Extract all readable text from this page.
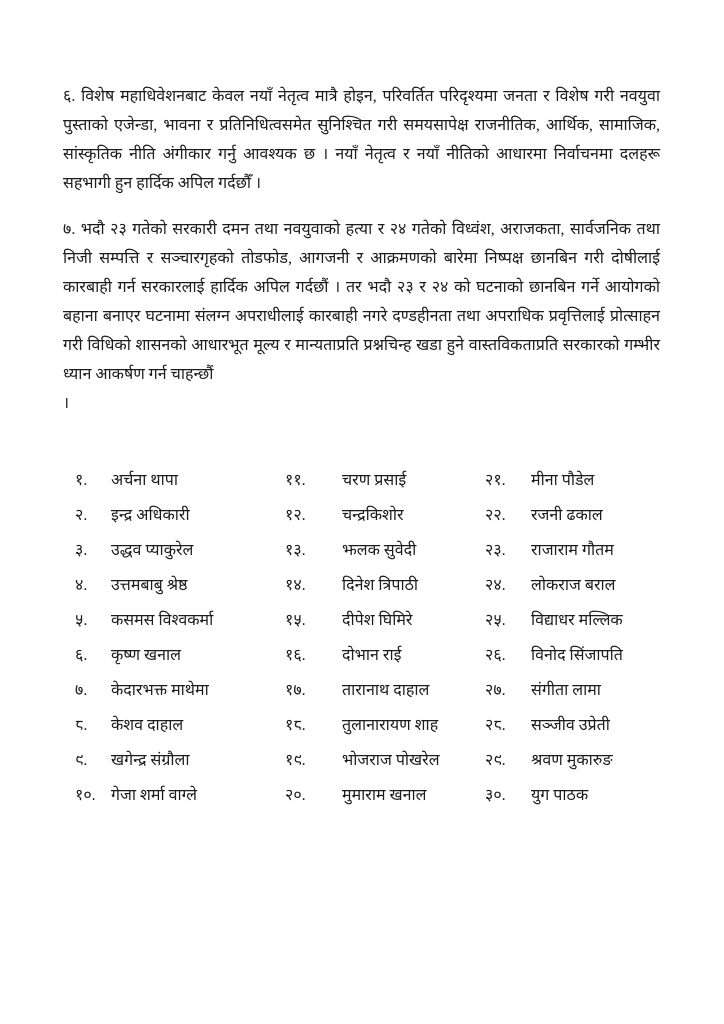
६. विशेष महाधिवेशनबाट केवल नयाँ नेतृत्व मात्रै होइन, परिवर्तित परिदृश्यमा जनता र विशेष गरी नवयुवा पुस्ताको एजेन्डा, भावना र प्रतिनिधित्वसमेत सुनिश्चित गरी समयसापेक्ष राजनीतिक, आर्थिक, सामाजिक, सांस्कृतिक नीति अंगीकार गर्नु आवश्यक छ । नयाँ नेतृत्व र नयाँ नीतिको आधारमा निर्वाचनमा दलहरू सहभागी हुन हार्दिक अपिल गर्दछौँ ।

७. भदौ २३ गतेको सरकारी दमन तथा नवयुवाको हत्या र २४ गतेको विध्वंश, अराजकता, सार्वजनिक तथा निजी सम्पत्ति र सञ्चारगृहको तोडफोड, आगजनी र आक्रमणको बारेमा निष्पक्ष छानबिन गरी दोषीलाई कारबाही गर्न सरकारलाई हार्दिक अपिल गर्दछौं । तर भदौ २३ र २४ को घटनाको छानबिन गर्ने आयोगको बहाना बनाएर घटनामा संलग्न अपराधीलाई कारबाही नगरे दण्डहीनता तथा अपराधिक प्रवृत्तिलाई प्रोत्साहन गरी विधिको शासनको आधारभूत मूल्य र मान्यताप्रति प्रश्नचिन्ह खडा हुने वास्तविकताप्रति सरकारको गम्भीर ध्यान आकर्षण गर्न चाहन्छौं
।

१.	अर्चना थापा
२.	इन्द्र अधिकारी
३.	उद्धव प्याकुरेल
४.	उत्तमबाबु श्रेष्ठ
५.	कसमस विश्वकर्मा
६.	कृष्ण खनाल
७.	केदारभक्त माथेमा
८.	केशव दाहाल
९.	खगेन्द्र संग्रौला
१०. गेजा शर्मा वाग्ले
११.	चरण प्रसाई
१२.	चन्द्रकिशोर
१३.	झलक सुवेदी
१४.	दिनेश त्रिपाठी
१५.	दीपेश घिमिरे
१६.	दोभान राई
१७.	तारानाथ दाहाल
१८.	तुलानारायण शाह
१९.	भोजराज पोखरेल
२०.	मुमाराम खनाल
२१.	मीना पौडेल
२२.	रजनी ढकाल
२३.	राजाराम गौतम
२४.	लोकराज बराल
२५.	विद्याधर मल्लिक
२६.	विनोद सिंजापति
२७.	संगीता लामा
२८.	सञ्जीव उप्रेती
२९.	श्रवण मुकारुङ
३०.	युग पाठक
